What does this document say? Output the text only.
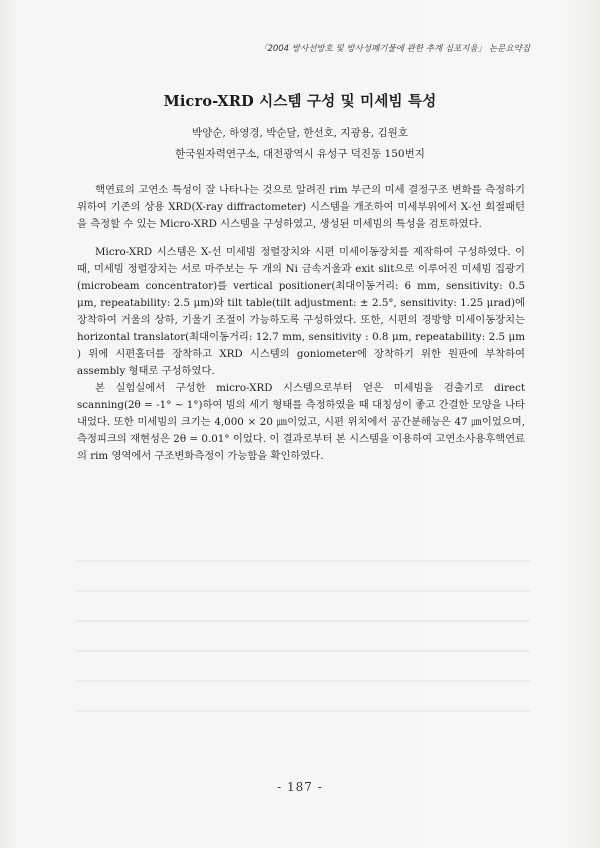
「2004 방사선방호 및 방사성폐기물에 관한 추계 심포지움」 논문요약집
Micro-XRD 시스템 구성 및 미세빔 특성
박양순, 하영경, 박순달, 한선호, 지광용, 김원호
한국원자력연구소, 대전광역시 유성구 덕진동 150번지

핵연료의 고연소 특성이 잘 나타나는 것으로 알려진 rim 부근의 미세 결정구조 변화를 측정하기 위하여 기존의 상용 XRD(X-ray diffractometer) 시스템을 개조하여 미세부위에서 X-선 회절패턴을 측정할 수 있는 Micro-XRD 시스템을 구성하였고, 생성된 미세빔의 특성을 검토하였다.

Micro-XRD 시스템은 X-선 미세빔 정렬장치와 시편 미세이동장치를 제작하여 구성하였다. 이때, 미세빔 정렬장치는 서로 마주보는 두 개의 Ni 금속거울과 exit slit으로 이루어진 미세빔 집광기(microbeam concentrator)를 vertical positioner(최대이동거리: 6 mm, sensitivity: 0.5 μm, repeatability: 2.5 μm)와 tilt table(tilt adjustment: ± 2.5°, sensitivity: 1.25 μrad)에 장착하여 거울의 상하, 기울기 조절이 가능하도록 구성하였다. 또한, 시편의 경방향 미세이동장치는 horizontal translator(최대이동거리: 12.7 mm, sensitivity : 0.8 μm, repeatability: 2.5 μm ) 위에 시편홀더를 장착하고 XRD 시스템의 goniometer에 장착하기 위한 원판에 부착하여 assembly 형태로 구성하였다.

본 실험실에서 구성한 micro-XRD 시스템으로부터 얻은 미세빔을 검출기로 direct scanning(2θ = -1° ~ 1°)하여 빔의 세기 형태를 측정하였을 때 대칭성이 좋고 간결한 모양을 나타내었다. 또한 미세빔의 크기는 4,000 × 20 ㎛이었고, 시편 위치에서 공간분해능은 47 ㎛이었으며, 측정피크의 재현성은 2θ = 0.01° 이었다. 이 결과로부터 본 시스템을 이용하여 고연소사용후핵연료의 rim 영역에서 구조변화측정이 가능함을 확인하였다.

- 187 -
